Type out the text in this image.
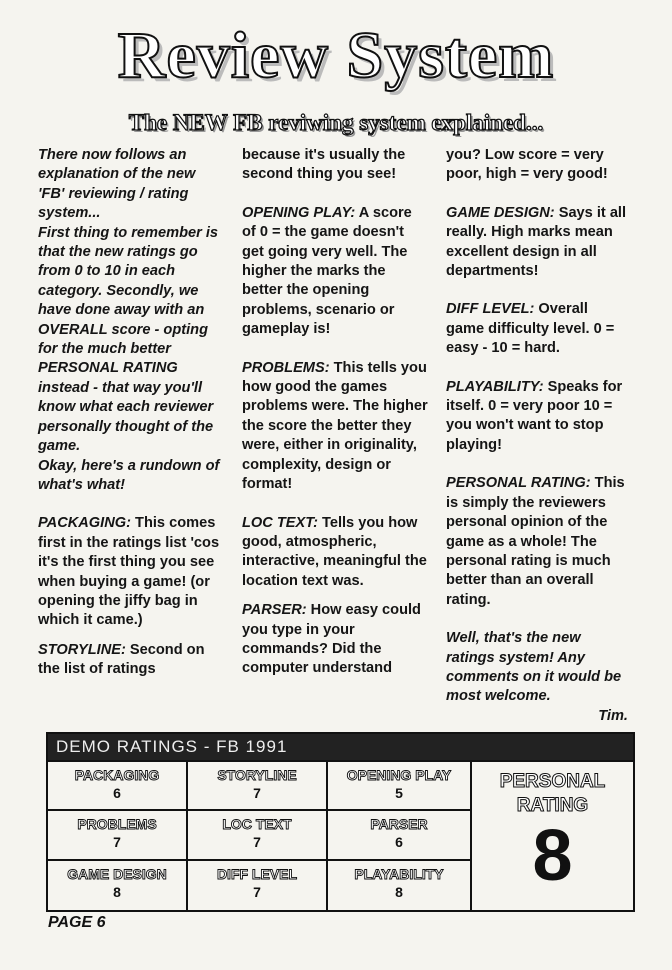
Review System
The NEW FB reviwing system explained...

There now follows an explanation of the new 'FB' reviewing / rating system...

First thing to remember is that the new ratings go from 0 to 10 in each category. Secondly, we have done away with an OVERALL score - opting for the much better PERSONAL RATING instead - that way you'll know what each reviewer personally thought of the game.

Okay, here's a rundown of what's what!

PACKAGING: This comes first in the ratings list 'cos it's the first thing you see when buying a game! (or opening the jiffy bag in which it came.)

STORYLINE: Second on the list of ratings

because it's usually the second thing you see!

OPENING PLAY: A score of 0 = the game doesn't get going very well. The higher the marks the better the opening problems, scenario or gameplay is!

PROBLEMS: This tells you how good the games problems were. The higher the score the better they were, either in originality, complexity, design or format!

LOC TEXT: Tells you how good, atmospheric, interactive, meaningful the location text was.

PARSER: How easy could you type in your commands? Did the computer understand

you? Low score = very poor, high = very good!

GAME DESIGN: Says it all really. High marks mean excellent design in all departments!

DIFF LEVEL: Overall game difficulty level. 0 = easy - 10 = hard.

PLAYABILITY: Speaks for itself. 0 = very poor 10 = you won't want to stop playing!

PERSONAL RATING: This is simply the reviewers personal opinion of the game as a whole! The personal rating is much better than an overall rating.

Well, that's the new ratings system! Any comments on it would be most welcome.

Tim.

DEMO RATINGS - FB 1991
PACKAGING
6
STORYLINE
7
OPENING PLAY
5
PROBLEMS
7
LOC TEXT
7
PARSER
6
GAME DESIGN
8
DIFF LEVEL
7
PLAYABILITY
8
PERSONAL RATING
8
PAGE 6
